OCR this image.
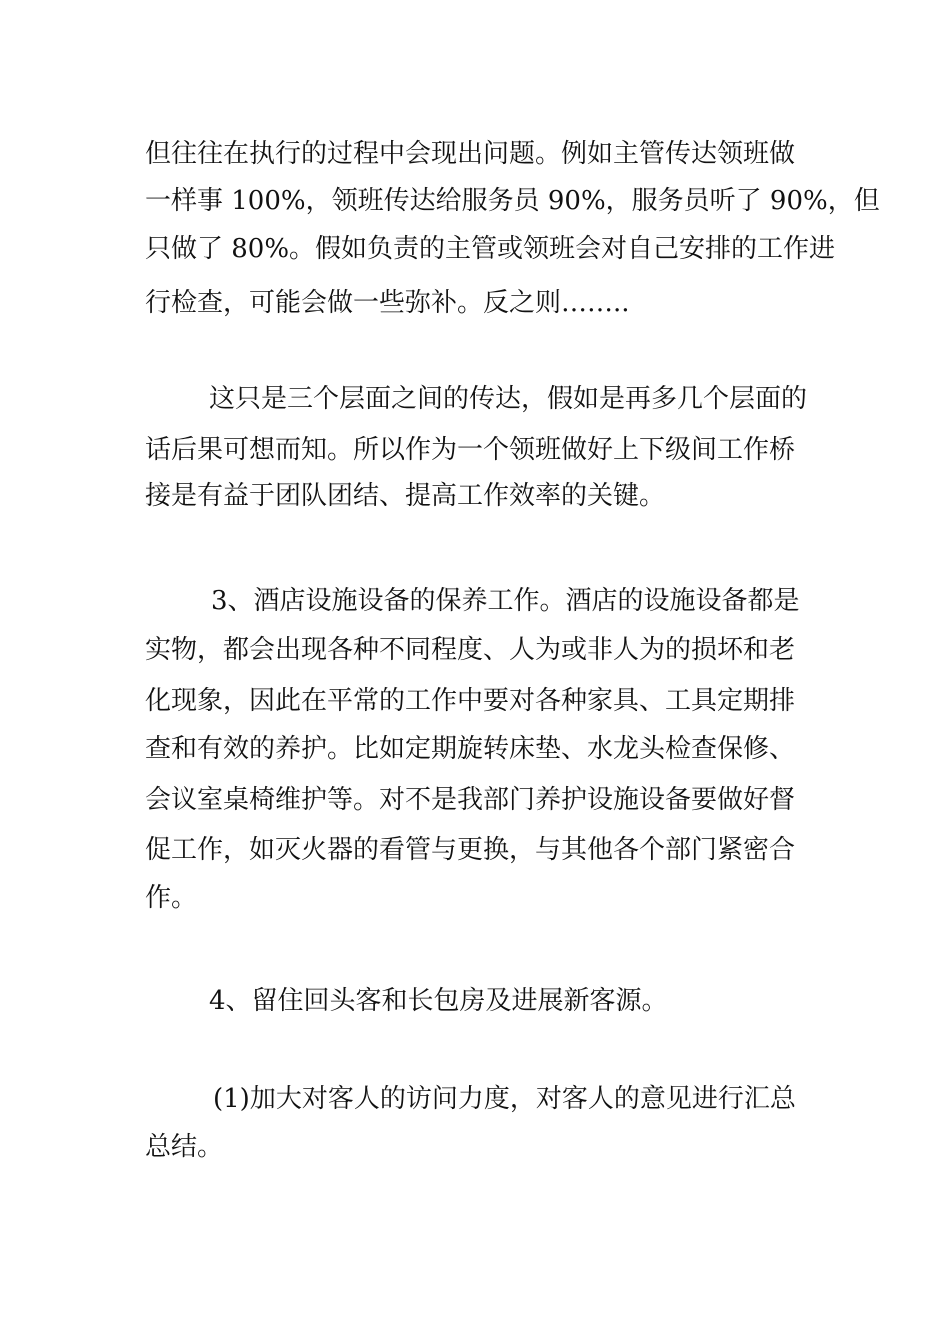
但往往在执行的过程中会现出问题。例如主管传达领班做

一样事 100%，领班传达给服务员 90%，服务员听了 90%，但

只做了 80%。假如负责的主管或领班会对自己安排的工作进

行检查，可能会做一些弥补。反之则……..

这只是三个层面之间的传达，假如是再多几个层面的

话后果可想而知。所以作为一个领班做好上下级间工作桥

接是有益于团队团结、提高工作效率的关键。

3、酒店设施设备的保养工作。酒店的设施设备都是

实物，都会出现各种不同程度、人为或非人为的损坏和老

化现象，因此在平常的工作中要对各种家具、工具定期排

查和有效的养护。比如定期旋转床垫、水龙头检查保修、

会议室桌椅维护等。对不是我部门养护设施设备要做好督

促工作，如灭火器的看管与更换，与其他各个部门紧密合

作。

4、留住回头客和长包房及进展新客源。

(1)加大对客人的访问力度，对客人的意见进行汇总

总结。
